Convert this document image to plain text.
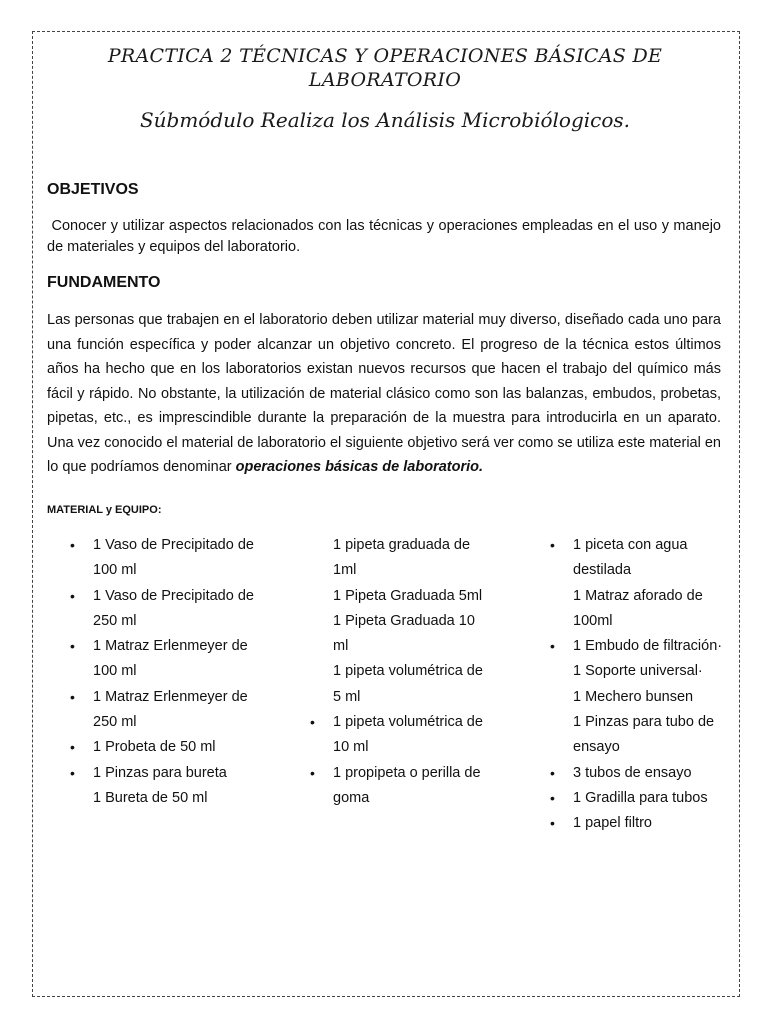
PRACTICA 2 TÉCNICAS Y OPERACIONES BÁSICAS DE
LABORATORIO
Súbmódulo Realiza los Análisis Microbiólogicos.
OBJETIVOS
Conocer y utilizar aspectos relacionados con las técnicas y operaciones empleadas en el uso y manejo de materiales y equipos del laboratorio.
FUNDAMENTO
Las personas que trabajen en el laboratorio deben utilizar material muy diverso, diseñado cada uno para una función específica y poder alcanzar un objetivo concreto. El progreso de la técnica estos últimos años ha hecho que en los laboratorios existan nuevos recursos que hacen el trabajo del químico más fácil y rápido. No obstante, la utilización de material clásico como son las balanzas, embudos, probetas, pipetas, etc., es imprescindible durante la preparación de la muestra para introducirla en un aparato. Una vez conocido el material de laboratorio el siguiente objetivo será ver como se utiliza este material en lo que podríamos denominar operaciones básicas de laboratorio.
MATERIAL y EQUIPO:
• 1 Vaso de Precipitado de 100 ml
• 1 Vaso de Precipitado de 250 ml
• 1 Matraz Erlenmeyer de 100 ml
• 1 Matraz Erlenmeyer de 250 ml
• 1 Probeta de 50 ml
• 1 Pinzas para bureta
1 Bureta de 50 ml
1 pipeta graduada de 1ml
1 Pipeta Graduada 5ml
1 Pipeta Graduada 10 ml
1 pipeta volumétrica de 5 ml
• 1 pipeta volumétrica de 10 ml
• 1 propipeta o perilla de goma
• 1 piceta con agua destilada
1 Matraz aforado de 100ml
• 1 Embudo de filtración·
1 Soporte universal·
1 Mechero bunsen
1 Pinzas para tubo de ensayo
• 3 tubos de ensayo
• 1 Gradilla para tubos
• 1 papel filtro
